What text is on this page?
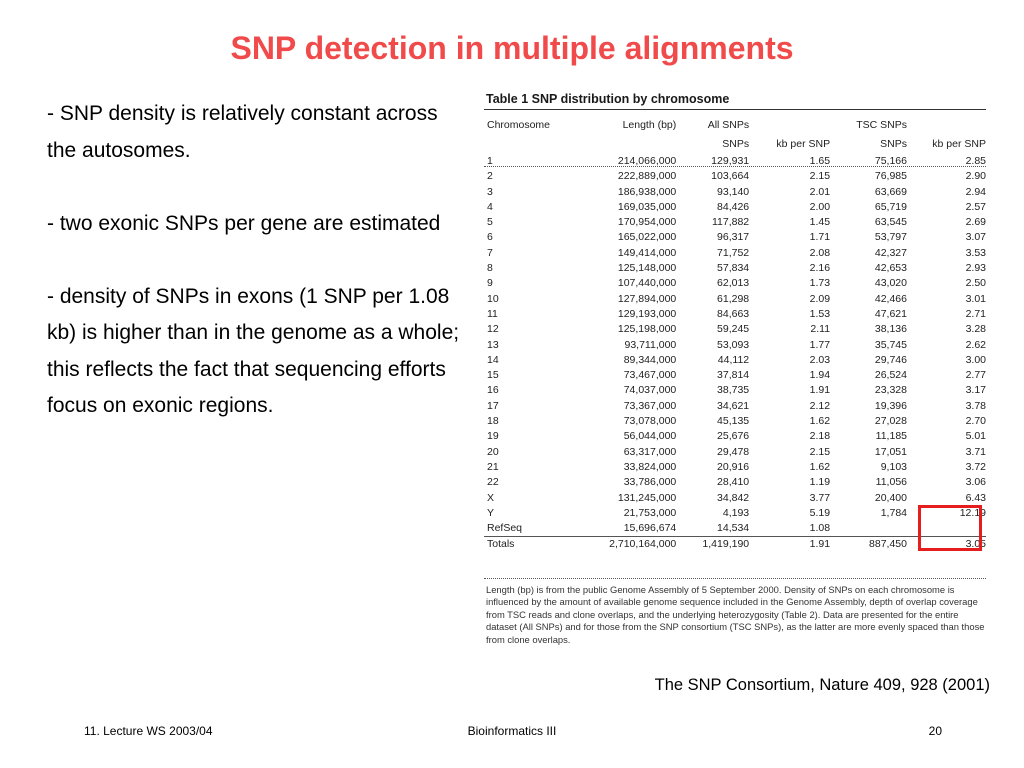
SNP detection in multiple alignments

- SNP density is relatively constant across the autosomes.

- two exonic SNPs per gene are estimated

- density of SNPs in exons (1 SNP per 1.08 kb) is higher than in the genome as a whole; this reflects the fact that sequencing efforts focus on exonic regions.

Table 1 SNP distribution by chromosome
Chromosome	Length (bp)	All SNPs		TSC SNPs	
		SNPs	kb per SNP	SNPs	kb per SNP
1	214,066,000	129,931	1.65	75,166	2.85
2	222,889,000	103,664	2.15	76,985	2.90
3	186,938,000	93,140	2.01	63,669	2.94
4	169,035,000	84,426	2.00	65,719	2.57
5	170,954,000	117,882	1.45	63,545	2.69
6	165,022,000	96,317	1.71	53,797	3.07
7	149,414,000	71,752	2.08	42,327	3.53
8	125,148,000	57,834	2.16	42,653	2.93
9	107,440,000	62,013	1.73	43,020	2.50
10	127,894,000	61,298	2.09	42,466	3.01
11	129,193,000	84,663	1.53	47,621	2.71
12	125,198,000	59,245	2.11	38,136	3.28
13	93,711,000	53,093	1.77	35,745	2.62
14	89,344,000	44,112	2.03	29,746	3.00
15	73,467,000	37,814	1.94	26,524	2.77
16	74,037,000	38,735	1.91	23,328	3.17
17	73,367,000	34,621	2.12	19,396	3.78
18	73,078,000	45,135	1.62	27,028	2.70
19	56,044,000	25,676	2.18	11,185	5.01
20	63,317,000	29,478	2.15	17,051	3.71
21	33,824,000	20,916	1.62	9,103	3.72
22	33,786,000	28,410	1.19	11,056	3.06
X	131,245,000	34,842	3.77	20,400	6.43
Y	21,753,000	4,193	5.19	1,784	12.19
RefSeq	15,696,674	14,534	1.08		
Totals	2,710,164,000	1,419,190	1.91	887,450	3.05
Length (bp) is from the public Genome Assembly of 5 September 2000. Density of SNPs on each chromosome is influenced by the amount of available genome sequence included in the Genome Assembly, depth of overlap coverage from TSC reads and clone overlaps, and the underlying heterozygosity (Table 2). Data are presented for the entire dataset (All SNPs) and for those from the SNP consortium (TSC SNPs), as the latter are more evenly spaced than those from clone overlaps.
The SNP Consortium, Nature 409, 928 (2001)
11. Lecture WS 2003/04	Bioinformatics III	20
